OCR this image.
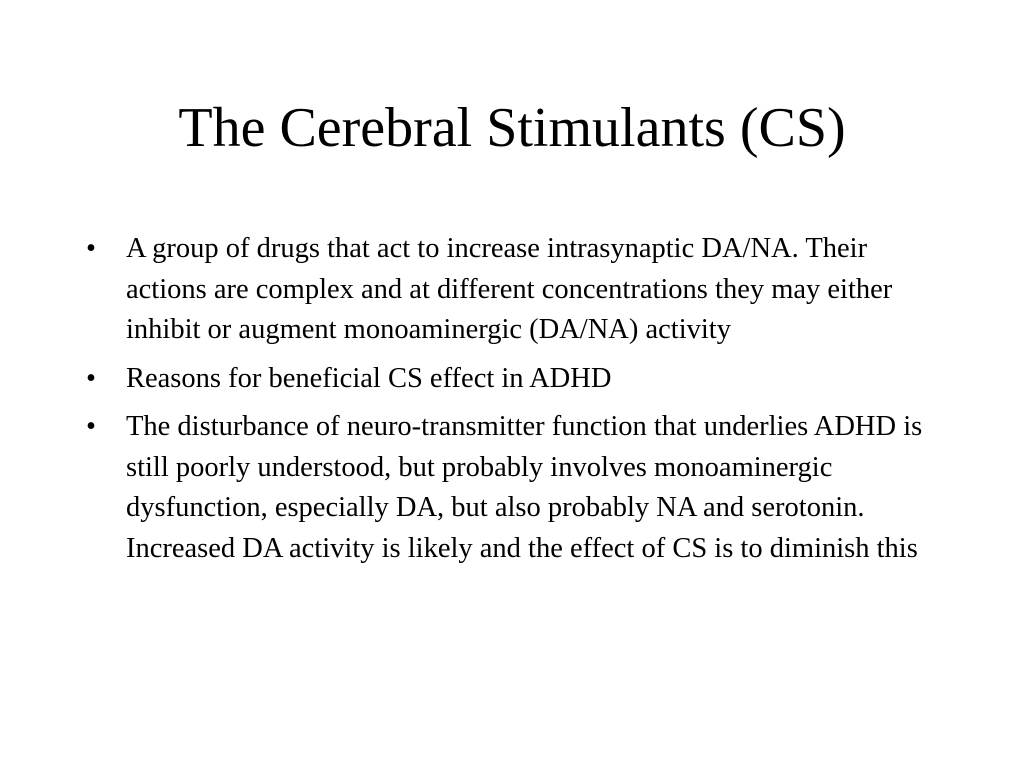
The Cerebral Stimulants (CS)
•	A group of drugs that act to increase intrasynaptic DA/NA. Their actions are complex and at different concentrations they may either inhibit or augment monoaminergic (DA/NA) activity
•	Reasons for beneficial CS effect in ADHD
•	The disturbance of neuro-transmitter function that underlies ADHD is still poorly understood, but probably involves monoaminergic dysfunction, especially DA, but also probably NA and serotonin. Increased DA activity is likely and the effect of CS is to diminish this
